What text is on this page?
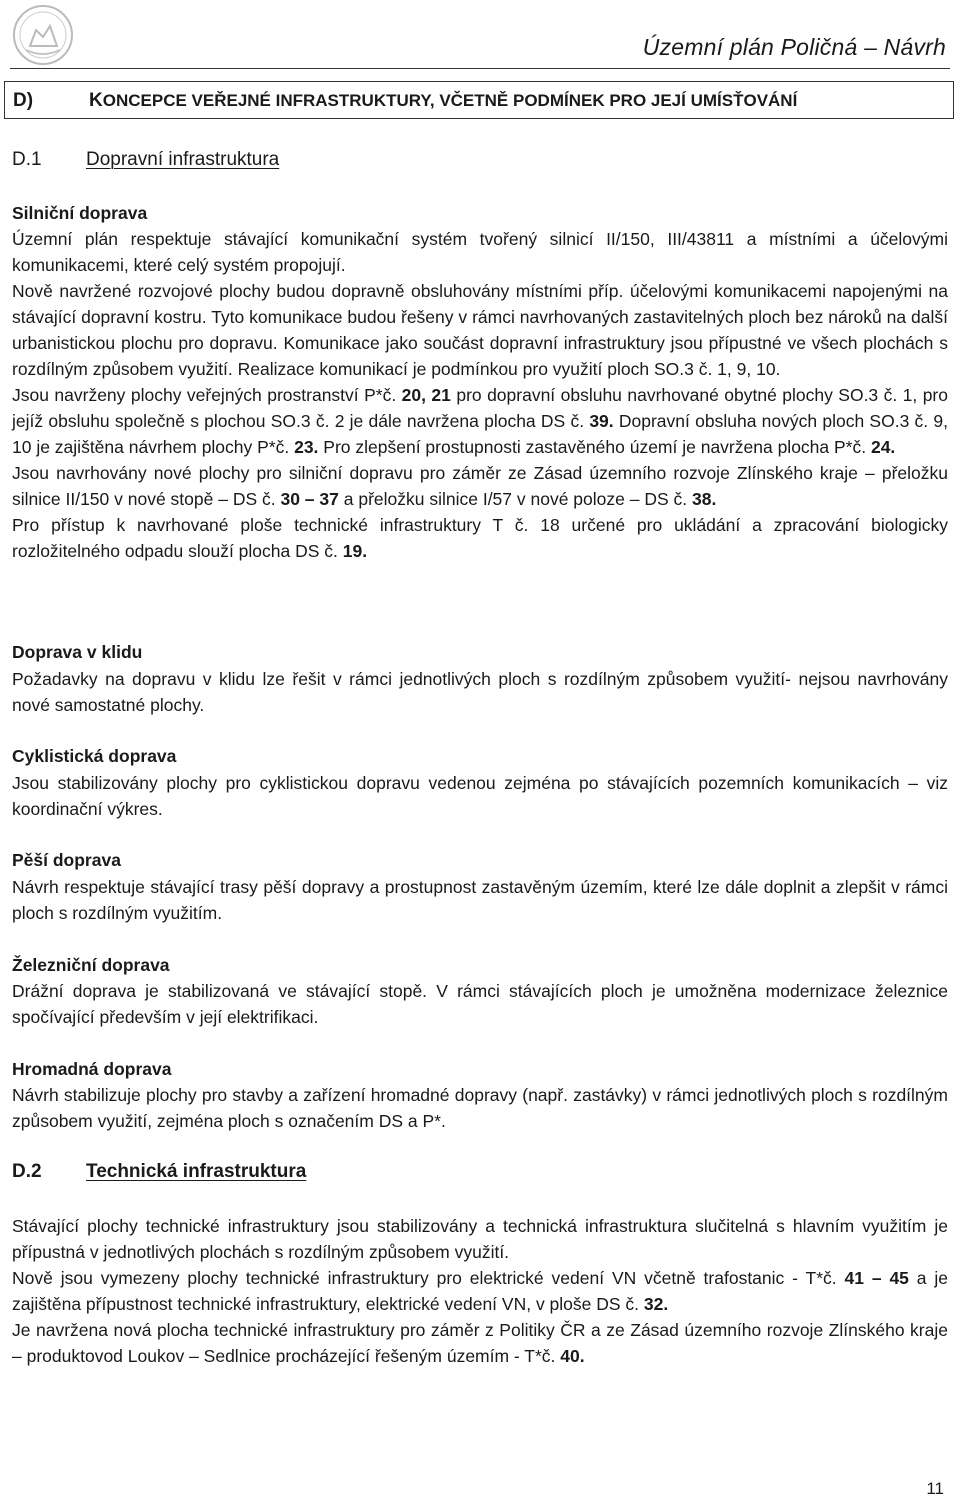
Územní plán Poličná – Návrh
D)	KONCEPCE VEŘEJNÉ INFRASTRUKTURY, VČETNĚ PODMÍNEK PRO JEJÍ UMÍSŤOVÁNÍ
D.1 Dopravní infrastruktura
Silniční doprava

Územní plán respektuje stávající komunikační systém tvořený silnicí II/150, III/43811 a místními a účelovými komunikacemi, které celý systém propojují.

Nově navržené rozvojové plochy budou dopravně obsluhovány místními příp. účelovými komunikacemi napojenými na stávající dopravní kostru. Tyto komunikace budou řešeny v rámci navrhovaných zastavitelných ploch bez nároků na další urbanistickou plochu pro dopravu. Komunikace jako součást dopravní infrastruktury jsou přípustné ve všech plochách s rozdílným způsobem využití. Realizace komunikací je podmínkou pro využití ploch SO.3 č. 1, 9, 10.

Jsou navrženy plochy veřejných prostranství P*č. 20, 21 pro dopravní obsluhu navrhované obytné plochy SO.3 č. 1, pro jejíž obsluhu společně s plochou SO.3 č. 2 je dále navržena plocha DS č. 39. Dopravní obsluha nových ploch SO.3 č. 9, 10 je zajištěna návrhem plochy P*č. 23. Pro zlepšení prostupnosti zastavěného území je navržena plocha P*č. 24.

Jsou navrhovány nové plochy pro silniční dopravu pro záměr ze Zásad územního rozvoje Zlínského kraje – přeložku silnice II/150 v nové stopě – DS č. 30 – 37 a přeložku silnice I/57 v nové poloze – DS č. 38.

Pro přístup k navrhované ploše technické infrastruktury T č. 18 určené pro ukládání a zpracování biologicky rozložitelného odpadu slouží plocha DS č. 19.

Doprava v klidu

Požadavky na dopravu v klidu lze řešit v rámci jednotlivých ploch s rozdílným způsobem využití- nejsou navrhovány nové samostatné plochy.

Cyklistická doprava

Jsou stabilizovány plochy pro cyklistickou dopravu vedenou zejména po stávajících pozemních komunikacích – viz koordinační výkres.

Pěší doprava

Návrh respektuje stávající trasy pěší dopravy a prostupnost zastavěným územím, které lze dále doplnit a zlepšit v rámci ploch s rozdílným využitím.

Železniční doprava

Drážní doprava je stabilizovaná ve stávající stopě. V rámci stávajících ploch je umožněna modernizace železnice spočívající především v její elektrifikaci.

Hromadná doprava

Návrh stabilizuje plochy pro stavby a zařízení hromadné dopravy (např. zastávky) v rámci jednotlivých ploch s rozdílným způsobem využití, zejména ploch s označením DS a P*.

D.2 Technická infrastruktura

Stávající plochy technické infrastruktury jsou stabilizovány a technická infrastruktura slučitelná s hlavním využitím je přípustná v jednotlivých plochách s rozdílným způsobem využití.

Nově jsou vymezeny plochy technické infrastruktury pro elektrické vedení VN včetně trafostanic - T*č. 41 – 45 a je zajištěna přípustnost technické infrastruktury, elektrické vedení VN, v ploše DS č. 32.

Je navržena nová plocha technické infrastruktury pro záměr z Politiky ČR a ze Zásad územního rozvoje Zlínského kraje – produktovod Loukov – Sedlnice procházející řešeným územím - T*č. 40.

11
